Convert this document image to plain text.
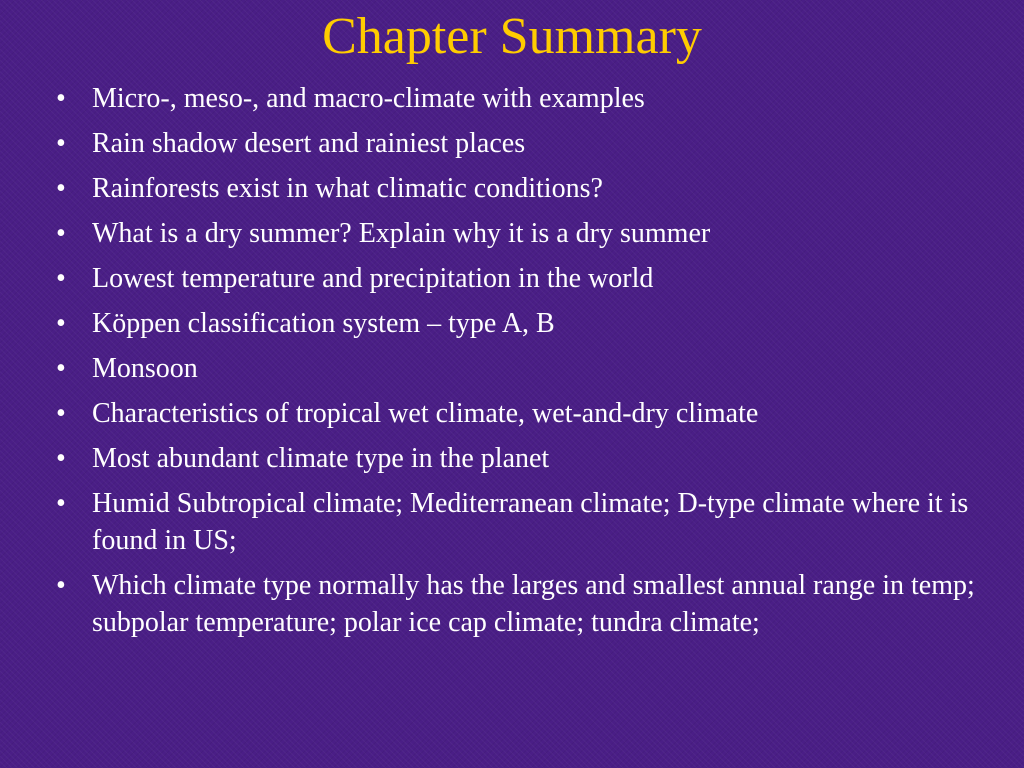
Chapter Summary
• Micro-, meso-, and macro-climate with examples
• Rain shadow desert and rainiest places
• Rainforests exist in what climatic conditions?
• What is a dry summer? Explain why it is a dry summer
• Lowest temperature and precipitation in the world
• Köppen classification system – type A, B
• Monsoon
• Characteristics of tropical wet climate, wet-and-dry climate
• Most abundant climate type in the planet
• Humid Subtropical climate; Mediterranean climate; D-type climate where it is found in US;
• Which climate type normally has the larges and smallest annual range in temp; subpolar temperature; polar ice cap climate; tundra climate;
